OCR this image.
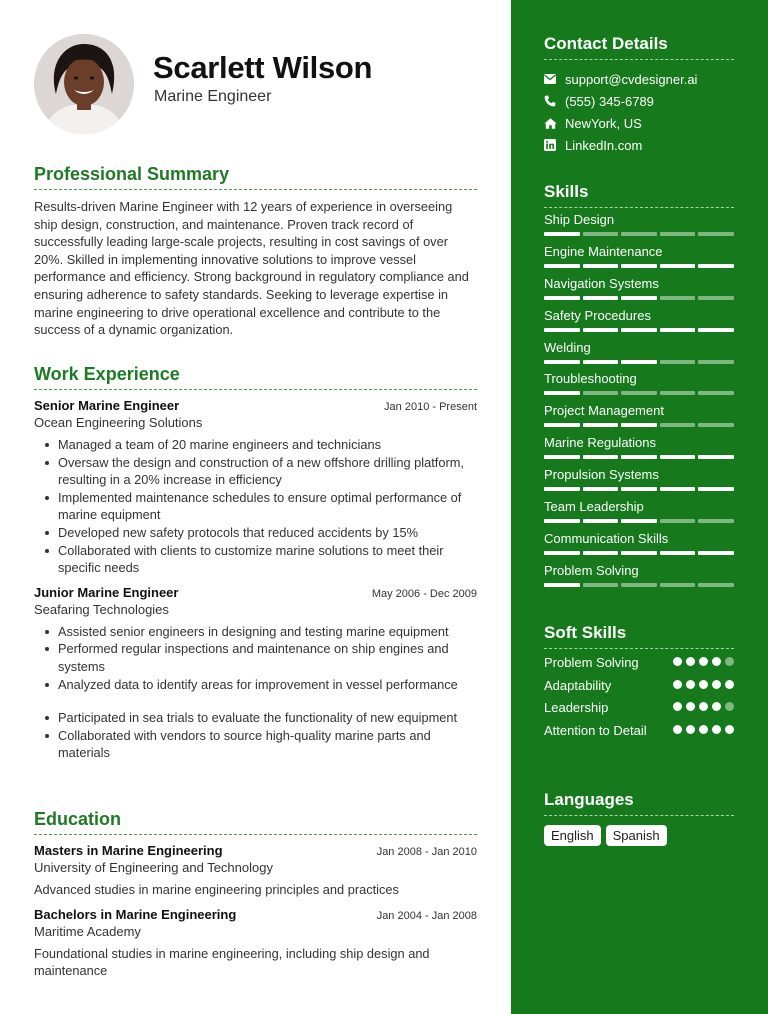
Scarlett Wilson
Marine Engineer
Professional Summary

Results-driven Marine Engineer with 12 years of experience in overseeing ship design, construction, and maintenance. Proven track record of successfully leading large-scale projects, resulting in cost savings of over 20%. Skilled in implementing innovative solutions to improve vessel performance and efficiency. Strong background in regulatory compliance and ensuring adherence to safety standards. Seeking to leverage expertise in marine engineering to drive operational excellence and contribute to the success of a dynamic organization.

Work Experience
Senior Marine Engineer	Jan 2010 - Present
Ocean Engineering Solutions
Managed a team of 20 marine engineers and technicians
Oversaw the design and construction of a new offshore drilling platform, resulting in a 20% increase in efficiency
Implemented maintenance schedules to ensure optimal performance of marine equipment
Developed new safety protocols that reduced accidents by 15%
Collaborated with clients to customize marine solutions to meet their specific needs
Junior Marine Engineer	May 2006 - Dec 2009
Seafaring Technologies
Assisted senior engineers in designing and testing marine equipment
Performed regular inspections and maintenance on ship engines and systems
Analyzed data to identify areas for improvement in vessel performance
Participated in sea trials to evaluate the functionality of new equipment
Collaborated with vendors to source high-quality marine parts and materials
Education
Masters in Marine Engineering	Jan 2008 - Jan 2010
University of Engineering and Technology

Advanced studies in marine engineering principles and practices

Bachelors in Marine Engineering	Jan 2004 - Jan 2008
Maritime Academy

Foundational studies in marine engineering, including ship design and maintenance

Contact Details
support@cvdesigner.ai
(555) 345-6789
NewYork, US
LinkedIn.com
Skills
Ship Design
Engine Maintenance
Navigation Systems
Safety Procedures
Welding
Troubleshooting
Project Management
Marine Regulations
Propulsion Systems
Team Leadership
Communication Skills
Problem Solving
Soft Skills
Problem Solving
Adaptability
Leadership
Attention to Detail
Languages
English	Spanish
